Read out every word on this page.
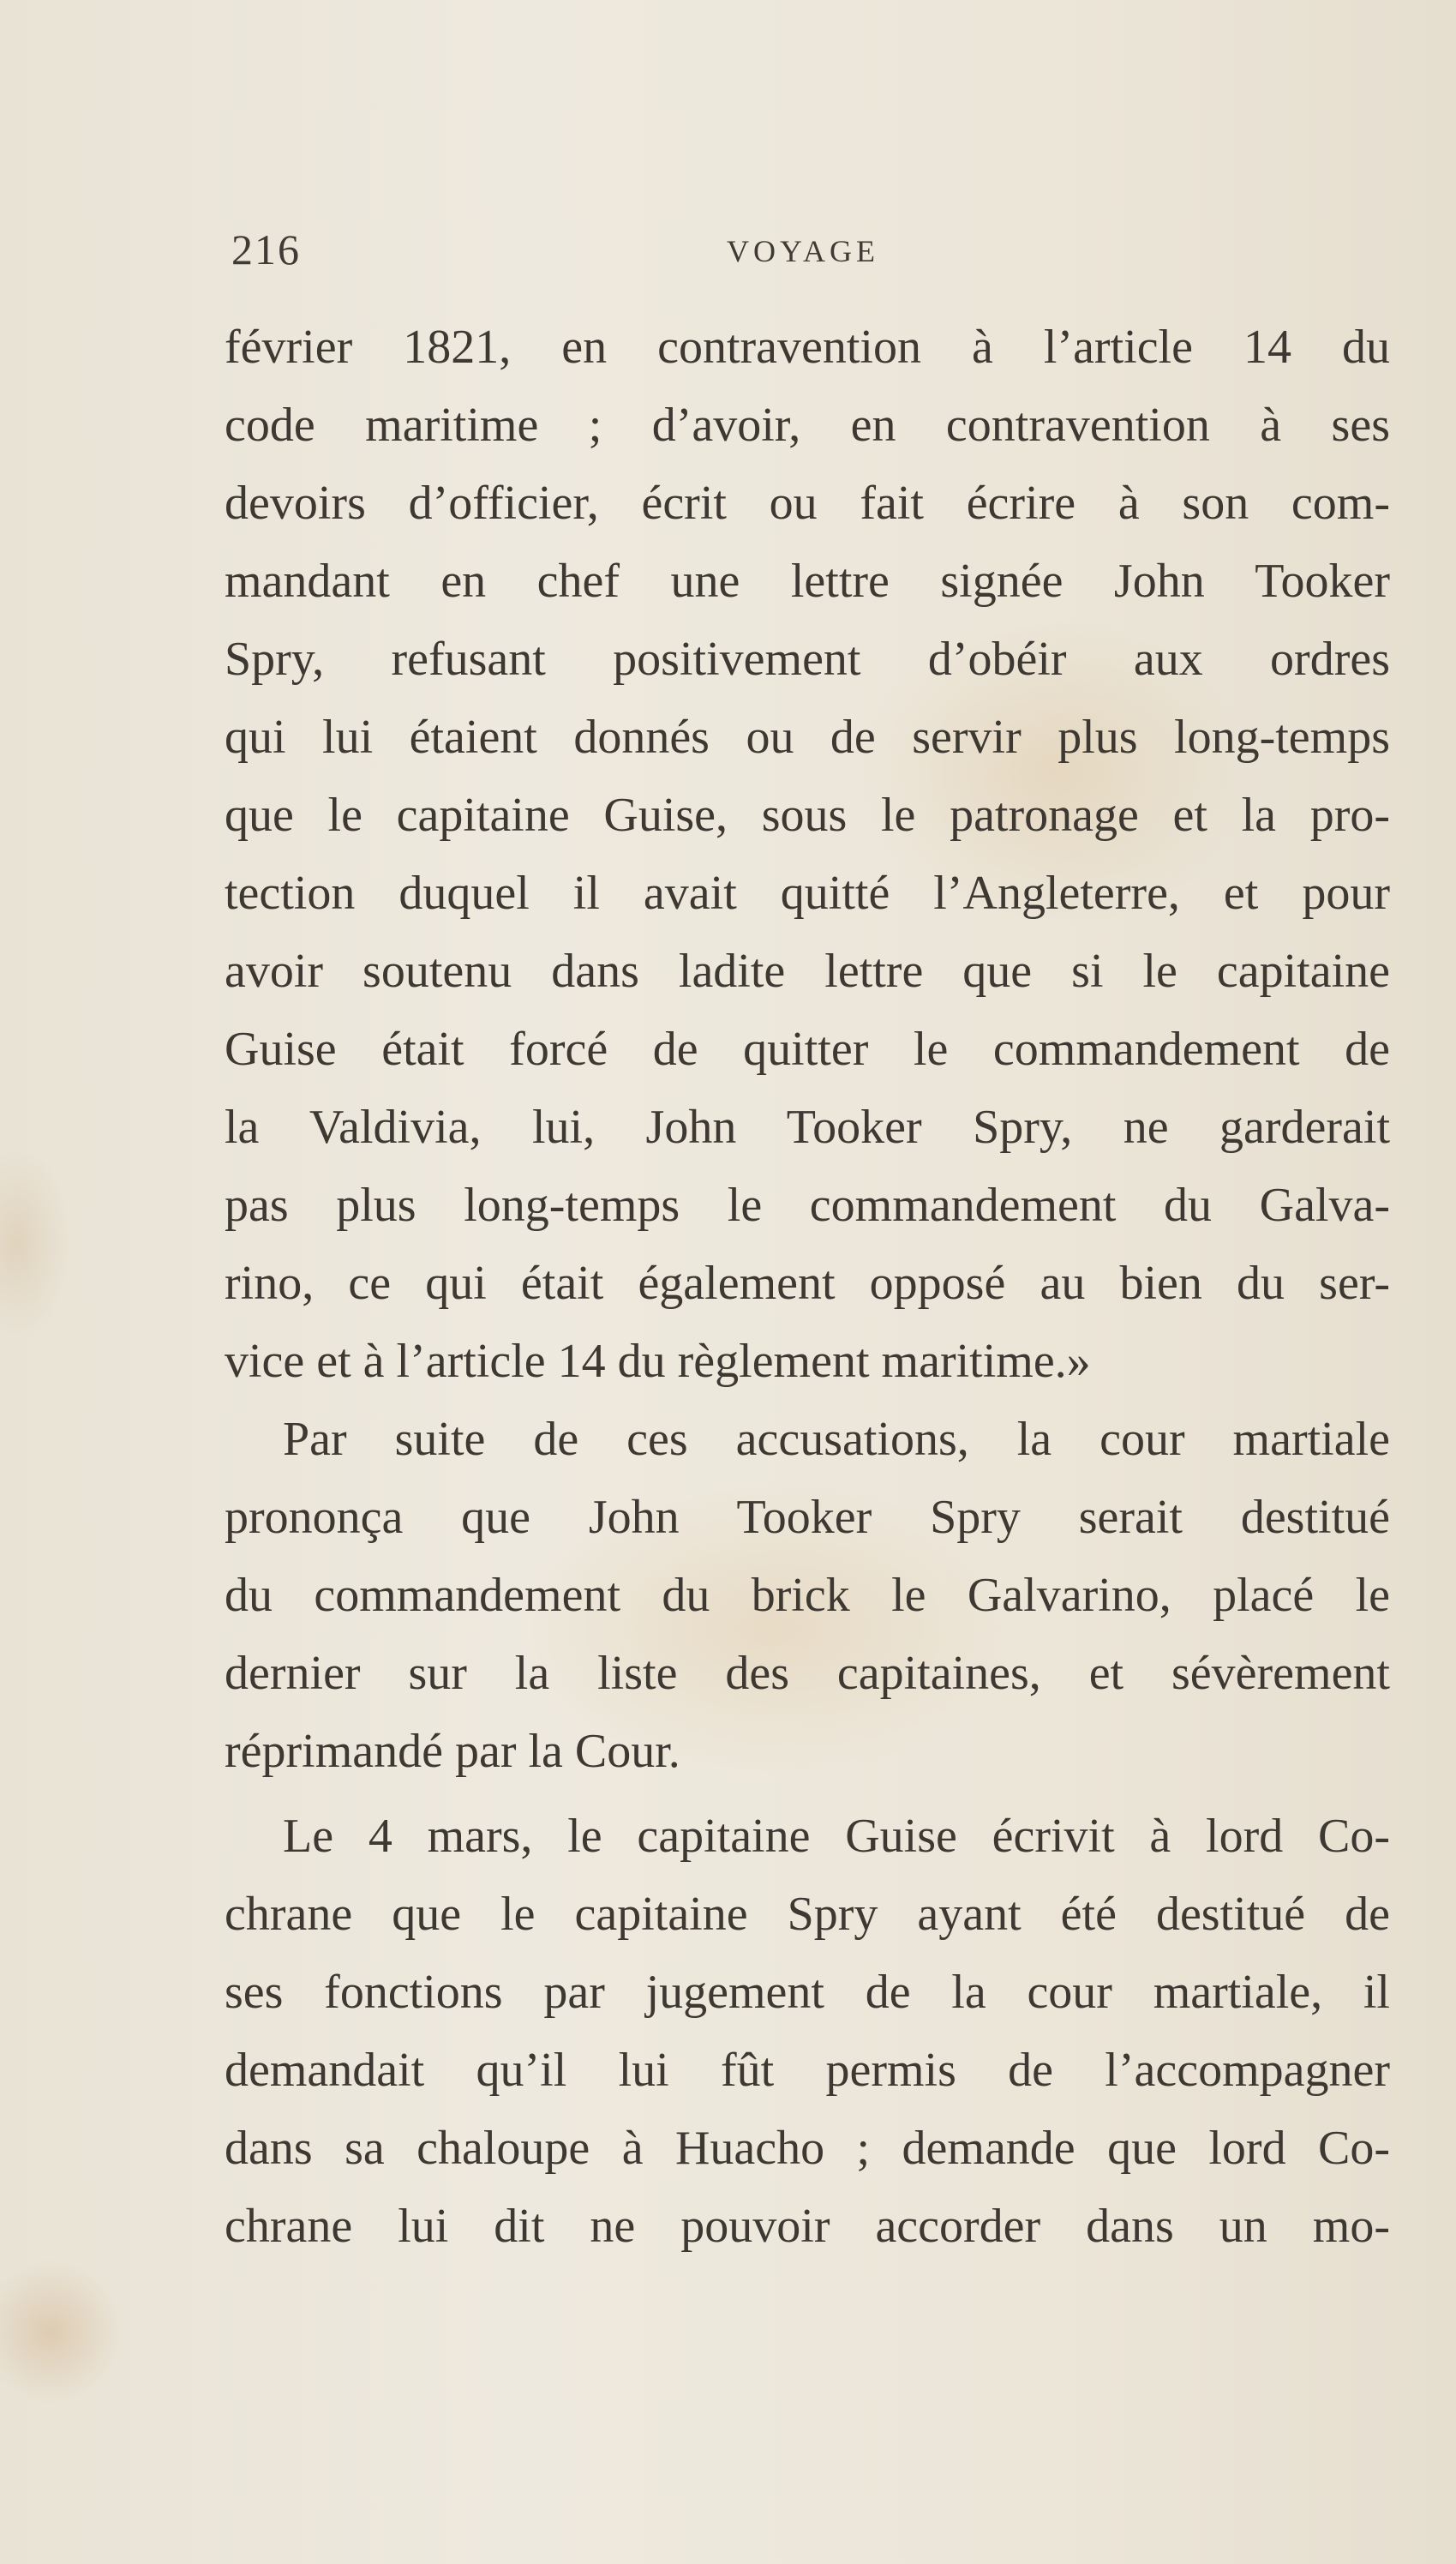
216	VOYAGE
février 1821, en contravention à l’article 14 du
code maritime ; d’avoir, en contravention à ses
devoirs d’officier, écrit ou fait écrire à son com-
mandant en chef une lettre signée John Tooker
Spry, refusant positivement d’obéir aux ordres
qui lui étaient donnés ou de servir plus long-temps
que le capitaine Guise, sous le patronage et la pro-
tection duquel il avait quitté l’Angleterre, et pour
avoir soutenu dans ladite lettre que si le capitaine
Guise était forcé de quitter le commandement de
la Valdivia, lui, John Tooker Spry, ne garderait
pas plus long-temps le commandement du Galva-
rino, ce qui était également opposé au bien du ser-
vice et à l’article 14 du règlement maritime.»
Par suite de ces accusations, la cour martiale
prononça que John Tooker Spry serait destitué
du commandement du brick le Galvarino, placé le
dernier sur la liste des capitaines, et sévèrement
réprimandé par la Cour.
Le 4 mars, le capitaine Guise écrivit à lord Co-
chrane que le capitaine Spry ayant été destitué de
ses fonctions par jugement de la cour martiale, il
demandait qu’il lui fût permis de l’accompagner
dans sa chaloupe à Huacho ; demande que lord Co-
chrane lui dit ne pouvoir accorder dans un mo-
